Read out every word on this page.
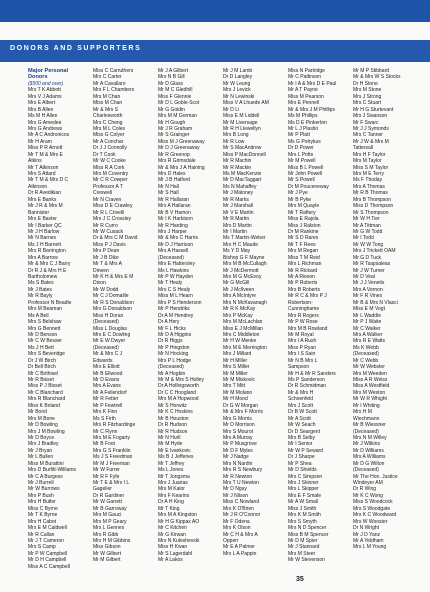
DONORS AND SUPPORTERS
Major Personal
Donors
($500 and over)
Mrs T K Abbott
Mrs V J Adams
Mrs E Albert
Mrs B Allen
Ms M H Allen
Mrs G Amedee
Mrs G Andrews
Mr A C Andronicos
Mr H Aram
Miss P R Arnott
Mr T M & Mrs E
Atkins
Mr T Atkinson
Mrs S Attard
Mr T M & Mrs D C
Atkinson
Dr R Avedikian
Mrs E Banks
Mr J R & Mrs M
Bannister
Mrs E Baxter
Mr I Barker QC
Mr J H Barlow
Mr N Barnes
Ms J H Barnett
Mrs R Barrington
Mrs A Barrow
Mr & Mrs C J Barry
Dr R J & Mrs H E
Bartholomew
Ms S Bates
Mr J Bates
Mr R Bayly
Professor N Beadle
Mrs M Beaman
Ms A Bell
Mrs S Belshaw
Mrs G Bennett
Mr D Benson
Mr C W Besser
Ms J H Bett
Mrs S Beveridge
Dr J W Birch
Dr Bell Birch
Mr C Birthisel
Mr R Bisset
Miss P J Bisset
Mr C Blanchard
Mrs R Blanchard
Miss K Boland
Mr Bond
Mrs M Bone
Mr D Bowling
Mrs J M Bowling
Mr D Boyce
Mrs J Bradley
Mr J Bryan
Mr L Bullen
Miss M Burattini
Mrs D Burfitt-Williams
Mr C A Burgess
Mr J Burrell
Mr W Burrows
Mrs P Bush
Mrs H Butler
Miss C Byrne
Mr T K Byrne
Mrs H Cabot
Mrs E M Caldwell
Mr R Callan
Mr J T Cameron
Mrs S Camp
Mr P W Campbell
Mr D H Campbell
Miss A C Campbell
Miss C Carruthers
Mrs C Carter
Mr A Cavallaro
Mrs F L Chambers
Mrs M Chan
Miss M Chan
Mr & Mrs S
Charlesworth
Mrs C Cheng
Mrs M L Coles
Miss G Colyer
Mr A Conchar
Dr J J Connolly
Dr T Cook
Mr W C Cooke
Miss R A Cork
Mrs M Coventry
Mr C R Cowper
Professor A T
Creswell
Mr N Craven
Miss D E Crawley
Mr R L Crivelli
Mrs J C Crossley
Mr R Curro
Mr W Cusack
Dr & Mrs C M David
Miss P J Davis
Mrs P Dean
Mr J B Dike
Mr T & Mrs A
Dineen
Mr K H & Mrs E M
Dixon
Mr W Dodd
Mr C J Domaille
Mr R S Donaldson
Mrs G Donaldson
Miss H Doran
(Deceased)
Miss L Douglas
Mrs E C Dowling
Mr E W Dwyer
(Deceased)
Mr & Mrs C J
Edwards
Mrs E Elliott
Mr B Ellwood
Mr D Evans
Mrs A Evans
Mr A Feilendorf
Mr R Fetter
Mr P Fewtrell
Mrs K Finn
Ms S Firth
Mrs R Fitzhardinge
Mr C Flynn
Mrs M E Fogarty
Mr B Foot
Mrs G S Franklin
Ms J S Freedman
Mr M J Freeman
Mr W Furrer
Mr R F Fyfe
Mr T E & Mrs I L
Gagelier
Dr R Gardiner
Mr W Garrett
Mr B Garroway
Mrs M Gauci
Mrs M P Geary
Mrs L Gennes
Mrs R Gibb
Mrs H M Gibbins
Miss Gibson
Mr W Gilbert
Mr M Gilbert
Mr J A Gilbert
Mrs N B Gill
Mr D Glass
Mr M C Gledhill
Miss F Glennie
Mr D L Goble-Scot
Mr G Goldin
Mrs M M Gorman
Mr H Gough
Mr J R Graham
Mr S Grainger
Miss M J Greenaway
Mr D J Greenaway
Mr R Greenop
Mrs R Grimsdale
Mr & Mrs J A Haining
Mrs D Hales
Mr J B Halford
Mr N Hall
Mr S Hall
Mr R Hallaran
Mrs A Hallaran
Mr B V Hamon
Mr I K Harbison
Mr R Harding
Mrs J Harper
Mr & Mrs C Harris
Mr D J Harrison
Mrs A Hassell
(Deceased)
Mrs E Hattersley
Ms L Hawkins
Mr P W Hayden
Mr T Healy
Mrs C S Healy
Miss M L Hearn
Mrs P S Henderson
Mr P Hendriks
Dr A M Hendrey
Dr A Hery
Mr F L Hicks
Mr D A Higgins
Dr R Higgs
Mr P Hingston
Mr N Hocking
Mrs P L Hodge
(Deceased)
Mr A Hogbin
Mr M & Mrs S Holley
Dr A Hollingsworth
Dr C C Hoogland
Mrs M A Hopwood
Mr S Horwitz
Mr K C Hoskins
Mr B Houston
Dr R Hudson
Mr R Hudson
Mr N Hurll
Mr M Hyde
Mr E Ivankovic
Ms B J Jefferies
Mr T Jeffrey
Ms L Jones
Mr T Jongsma
Mrs J Juanas
Mrs M Kalor
Mrs F Kearins
Dr A H King
Mr T King
Mrs M A Kingston
Mr H G Kippax AO
Mr C Kitchen
Mr G Kirwan
Mrs N Kuleshevski
Miss H Kwan
Mr S Lagerdahl
Mr A Lakos
Mr J M Lamb
Dr D Langley
Mr W Leung
Mrs J Levick
Mr N Lewinski
Miss V A Lhuede AM
Mr D Li
Miss E M Liddell
Mr M Liversage
Mr R H Llewellyn
Mrs B Long
Mr R Low
Mr S MacAndrew
Miss P MacDonnell
Mr R Machin
Mr R Mackie
Ms M MacKenzie
Mr D MacTaggart
Ms N Mahaffey
Mr J Maloney
Mr R Marks
Mr J Marshall
Mr V E Martin
Mr R Martin
Mrs D Martin
Mr I Martin
Ms T Martin-Weber
Mrs H C Maude
Ms Y D May
Bishop G F Mayne
Mrs M B McCullagh
Mr J McDermott
Mrs M G McEvoy
Mr G McGill
Mr J McIlveen
Mrs A McIntyre
Mrs N McKavanagh
Mr R K McKay
Mrs P McKay
Mrs M McLachlan
Miss E J McMillan
Mrs C Middleton
Mr H W Menke
Mrs M E Merrington
Mrs J Millard
Mr H Miller
Mrs S Miller
Mr M Miller
Mr M Miskovic
Mrs T Mitt
Mr M Molano
Mr H Mood
Dr G W Morgan
Mr & Mrs F Morris
Mrs G Morris
Mr D Morrison
Mrs S Mourot
Mrs A Murray
Mr P Musgrove
Mr D F Myles
Mr J Nadge
Mrs N Nardin
Mrs R S Newbury
Mr R Newton
Mrs T U Newton
Mr D Nguy
Mr J Nilson
Miss C Nowland
Mrs K O'Brien
Mr J R O'Connor
Mr F Odena
Mrs K Olson
Mr C H & Mrs A
Opperr
Mr E A Palmer
Mrs L A Pappin
Miss N Partridge
Mr C Pattinson
Mr I A & Mrs D E Paul
Mr A T Payne
Miss M Pearson
Mrs E Pennell
Mr & Mrs J M Phillips
Ms M Phillips
Ms D E Pinkerton
Mr L J Plastio
Mr P Platt
Ms G Potrykus
Dr D Power
Mrs L Potts
Mr M Powell
Miss B L Powell
Mr John Powell
Mr S Powell
Dr M Pouceneway
Mr J Pye
Mr B Pyke
Mrs M Quayle
Mr T Raftery
Miss E Rajola
Miss J Ralston
Dr M Rankine
Mr S D Rares
Mr T F Rees
Mrs M Regan
Miss T M Reid
Mrs L Richman
Mr R Rickard
Mr A Rieson
Mr P Roberts
Mrs B Roberts
Mr R C & Mrs P J
Robertson-
Cunninghame
Mrs R Rogers
Mr P W Rose
Mrs M B Rowland
Mr M Royal
Mrs I A Rush
Miss P Ryan
Mrs I S Sain
Mr N B Mrs L
Sampson
Mr H & Mr R Sanders
Ms P Sanderson
Dr R Schmidman
Mr & Mrs H
Schoenfeld
Mrs J Scott
Dr B W Scott
Mr A Scott
Mr W Seach
Dr D Seargent
Mrs B Selby
Mr I Senior
Mr W P Seward
Dr J Sharpe
Mr P Shea
Mr D Shields
Mrs C Simpson
Mrs J Skinner
Mrs L Skipper
Mrs E F Smale
Mr A W Small
Miss J Smith
Mrs K M Smith
Mrs S Smyth
Mrs N D Spencer
Miss B M Spencer
Mr D M Spier
Mr J Stannard
Mrs M Steer
Mr W Stevenson
Mr M P Stibbard
Mr & Mrs W S Stocks
Dr H Stone
Mrs M Stone
Mrs J Strong
Mrs C Stuart
Mr H G Sturtevant
Mrs J Swanson
Mr F Swarc
Mr J J Symonds
Mrs C Tanner
Mr J W & Mrs M
Tattersall
Mrs H F Taylor
Mrs M Taylor
Miss S M Taylor
Mrs M E Terry
Ms F Thoday
Mrs A Thomas
Mr R B Thomas
Mrs B Thompson
Miss D Thompson
Mr S Thompson
Mr W H Tier
Mr A Tittman
Mr G W Todd
Mr I Todd
Mr W W Tong
Mrs J Trickett OAM
Mr G D Tuck
Mr R Tsapsaleas
Mr J W Turner
Mr D Veal
Mr J J Venetis
Mrs A Vernon
Mr F R Vines
Mr B & Mrs N Vlasci
Miss E M Vogt
Mr L Waddle
Mr P J Waite
Mr C Walker
Mrs A Walker
Mrs R E Watts
Ms K Webb
(Deceased)
Mr C Webb
Mr W Webster
Mrs M Weeden
Miss A R Weiss
Miss A Westfield
Mrs M Weston
Mr W R Whight
Mr I Whiting
Mrs H M
Wiechmann
Mr B Wiessner
(Deceased)
Mrs N M Willey
Mr J Wilkins
Mr D Williams
Mrs A Williams
Mr D G Wilton
(Deceased)
Mr The Hon. Justice
Windeyer AM
Dr R Wing
Mr K C Wong
Miss S Woodcock
Mrs S Woodgate
Mrs K C Woodward
Mrs W Wooster
Dr N Wright
Mr J D Yanz
Mr A Yeldham
Mrs L M Young
35
